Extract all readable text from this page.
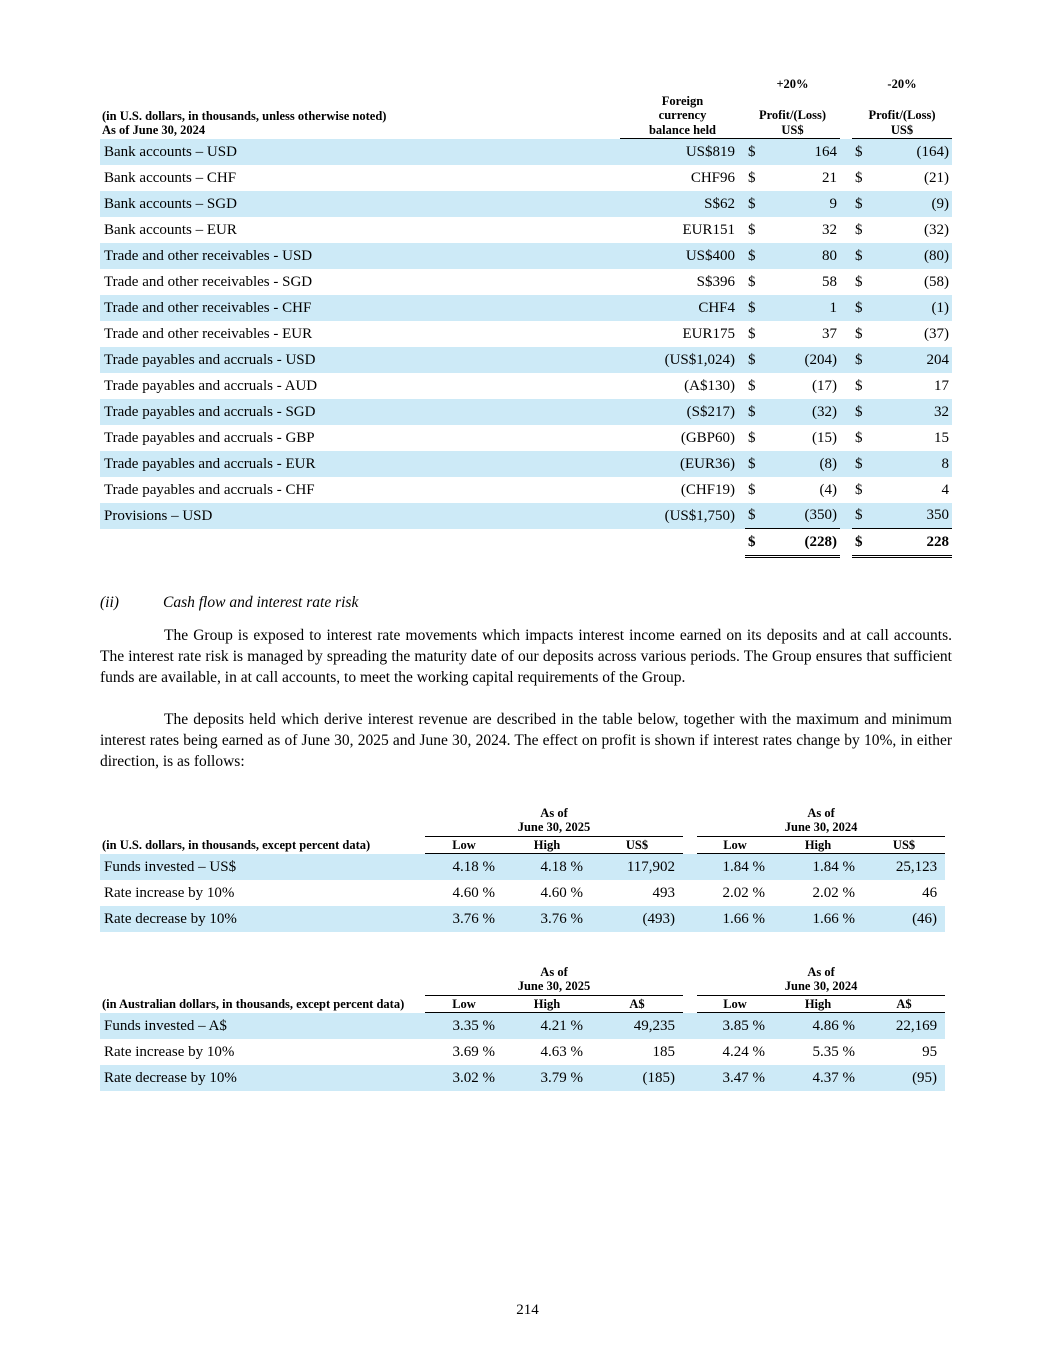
		+20%			-20%	
(in U.S. dollars, in thousands, unless otherwise noted)
As of June 30, 2024	Foreign
currency
balance held	Profit/(Loss)
US$			Profit/(Loss)
US$	
Bank accounts – USD	US$819	$	164		$	(164)
Bank accounts – CHF	CHF96	$	21		$	(21)
Bank accounts – SGD	S$62	$	9		$	(9)
Bank accounts – EUR	EUR151	$	32		$	(32)
Trade and other receivables - USD	US$400	$	80		$	(80)
Trade and other receivables - SGD	S$396	$	58		$	(58)
Trade and other receivables - CHF	CHF4	$	1		$	(1)
Trade and other receivables - EUR	EUR175	$	37		$	(37)
Trade payables and accruals - USD	(US$1,024)	$	(204)		$	204
Trade payables and accruals - AUD	(A$130)	$	(17)		$	17
Trade payables and accruals - SGD	(S$217)	$	(32)		$	32
Trade payables and accruals - GBP	(GBP60)	$	(15)		$	15
Trade payables and accruals - EUR	(EUR36)	$	(8)		$	8
Trade payables and accruals - CHF	(CHF19)	$	(4)		$	4
Provisions – USD	(US$1,750)	$	(350)		$	350
		$	(228)		$	228
(ii)	Cash flow and interest rate risk

The Group is exposed to interest rate movements which impacts interest income earned on its deposits and at call accounts. The interest rate risk is managed by spreading the maturity date of our deposits across various periods. The Group ensures that sufficient funds are available, in at call accounts, to meet the working capital requirements of the Group.

The deposits held which derive interest revenue are described in the table below, together with the maximum and minimum interest rates being earned as of June 30, 2025 and June 30, 2024. The effect on profit is shown if interest rates change by 10%, in either direction, is as follows:

	As of
June 30, 2025				As of
June 30, 2024		
(in U.S. dollars, in thousands, except percent data)	Low	High	US$		Low	High	US$
Funds invested – US$	4.18 %	4.18 %	117,902		1.84 %	1.84 %	25,123
Rate increase by 10%	4.60 %	4.60 %	493		2.02 %	2.02 %	46
Rate decrease by 10%	3.76 %	3.76 %	(493)		1.66 %	1.66 %	(46)
	As of
June 30, 2025				As of
June 30, 2024		
(in Australian dollars, in thousands, except percent data)	Low	High	A$		Low	High	A$
Funds invested – A$	3.35 %	4.21 %	49,235		3.85 %	4.86 %	22,169
Rate increase by 10%	3.69 %	4.63 %	185		4.24 %	5.35 %	95
Rate decrease by 10%	3.02 %	3.79 %	(185)		3.47 %	4.37 %	(95)
214
